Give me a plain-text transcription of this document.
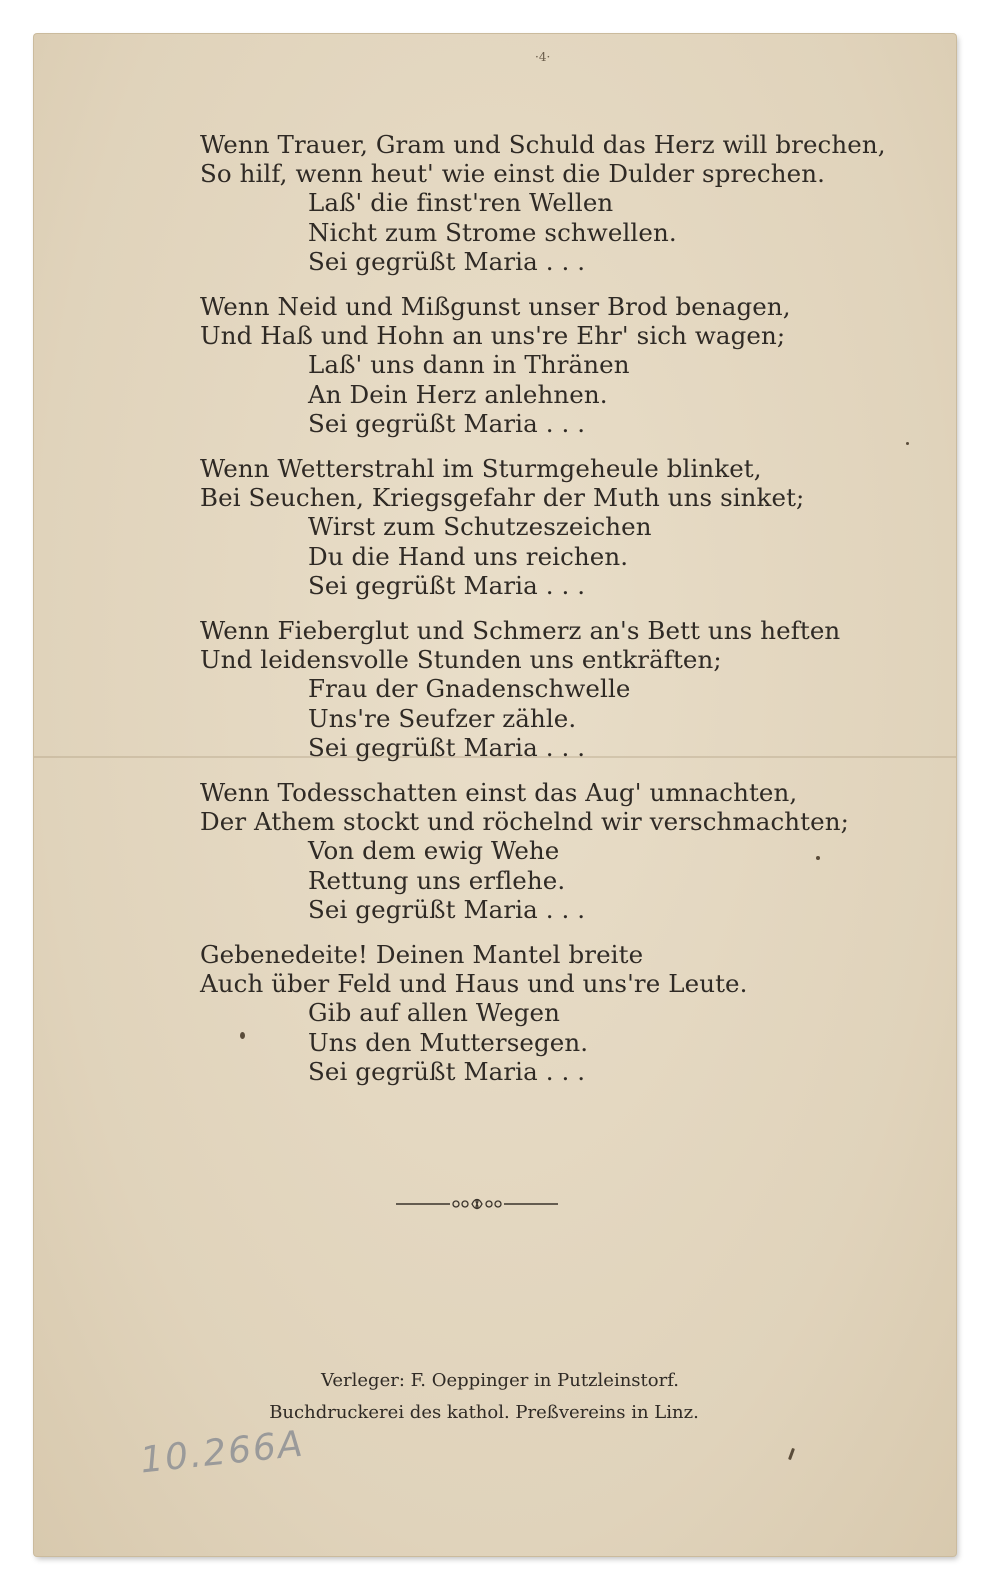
·4·
Wenn Trauer, Gram und Schuld das Herz will brechen,
So hilf, wenn heut' wie einst die Dulder sprechen.
Laß' die finst'ren Wellen
Nicht zum Strome schwellen.
Sei gegrüßt Maria . . .
Wenn Neid und Mißgunst unser Brod benagen,
Und Haß und Hohn an uns're Ehr' sich wagen;
Laß' uns dann in Thränen
An Dein Herz anlehnen.
Sei gegrüßt Maria . . .
Wenn Wetterstrahl im Sturmgeheule blinket,
Bei Seuchen, Kriegsgefahr der Muth uns sinket;
Wirst zum Schutzeszeichen
Du die Hand uns reichen.
Sei gegrüßt Maria . . .
Wenn Fieberglut und Schmerz an's Bett uns heften
Und leidensvolle Stunden uns entkräften;
Frau der Gnadenschwelle
Uns're Seufzer zähle.
Sei gegrüßt Maria . . .
Wenn Todesschatten einst das Aug' umnachten,
Der Athem stockt und röchelnd wir verschmachten;
Von dem ewig Wehe
Rettung uns erflehe.
Sei gegrüßt Maria . . .
Gebenedeite! Deinen Mantel breite
Auch über Feld und Haus und uns're Leute.
Gib auf allen Wegen
Uns den Muttersegen.
Sei gegrüßt Maria . . .
Verleger: F. Oeppinger in Putzleinstorf.
Buchdruckerei des kathol. Preßvereins in Linz.
10.266A
